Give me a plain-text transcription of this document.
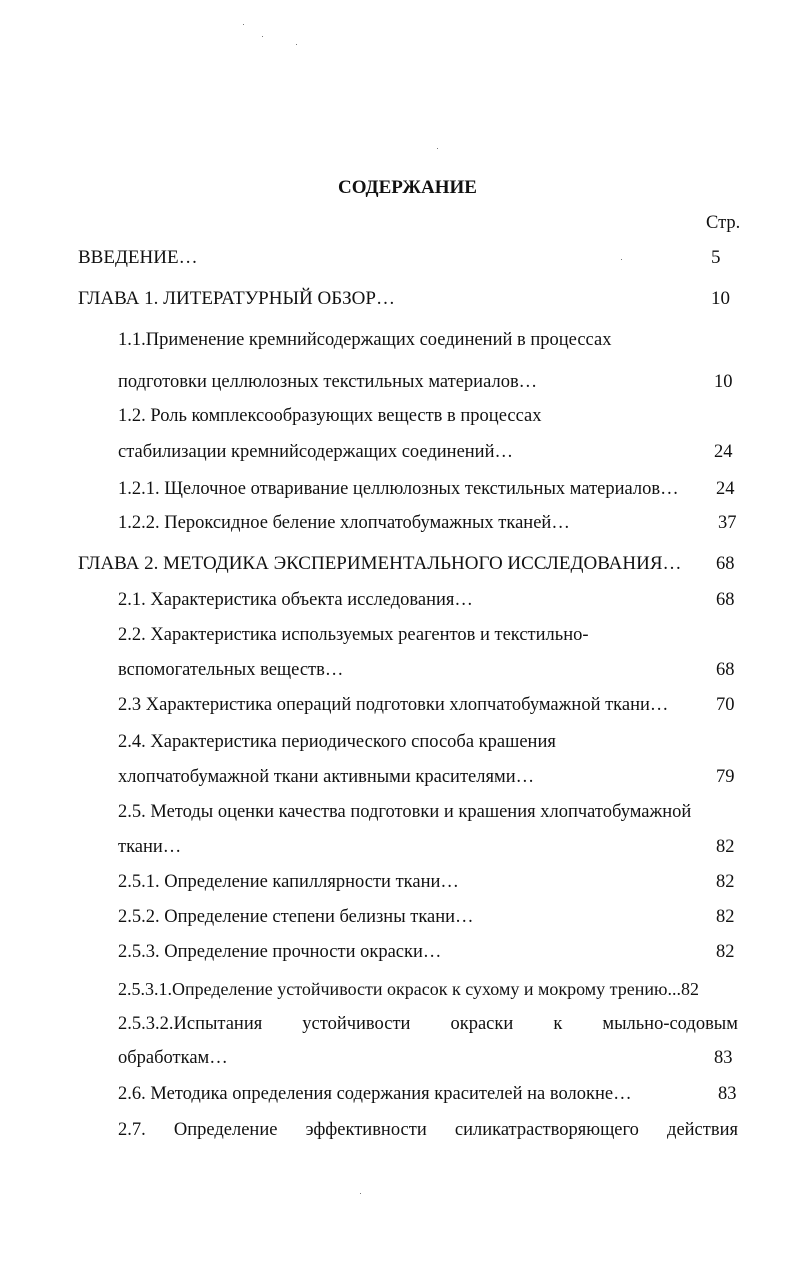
СОДЕРЖАНИЕ
Стр.
ВВЕДЕНИЕ…	5
ГЛАВА 1. ЛИТЕРАТУРНЫЙ ОБЗОР…	10
1.1.Применение кремнийсодержащих соединений в процессах
подготовки целлюлозных текстильных материалов…	10
1.2. Роль комплексообразующих веществ в процессах
стабилизации кремнийсодержащих соединений…	24
1.2.1. Щелочное отваривание целлюлозных текстильных материалов… 24
1.2.2. Пероксидное беление хлопчатобумажных тканей…	37
ГЛАВА 2. МЕТОДИКА ЭКСПЕРИМЕНТАЛЬНОГО ИССЛЕДОВАНИЯ… 68
2.1. Характеристика объекта исследования…	68
2.2. Характеристика используемых реагентов и текстильно-
вспомогательных веществ…	68
2.3 Характеристика операций подготовки хлопчатобумажной ткани…	70
2.4. Характеристика периодического способа крашения
хлопчатобумажной ткани активными красителями…	79
2.5. Методы оценки качества подготовки и крашения хлопчатобумажной
ткани…	82
2.5.1. Определение капиллярности ткани…	82
2.5.2. Определение степени белизны ткани…	82
2.5.3. Определение прочности окраски…	82
2.5.3.1.Определение устойчивости окрасок к сухому и мокрому трению...82
2.5.3.2.Испытания устойчивости окраски к мыльно-содовым
обработкам…	83
2.6. Методика определения содержания красителей на волокне…	83
2.7. Определение эффективности силикатрастворяющего действия
